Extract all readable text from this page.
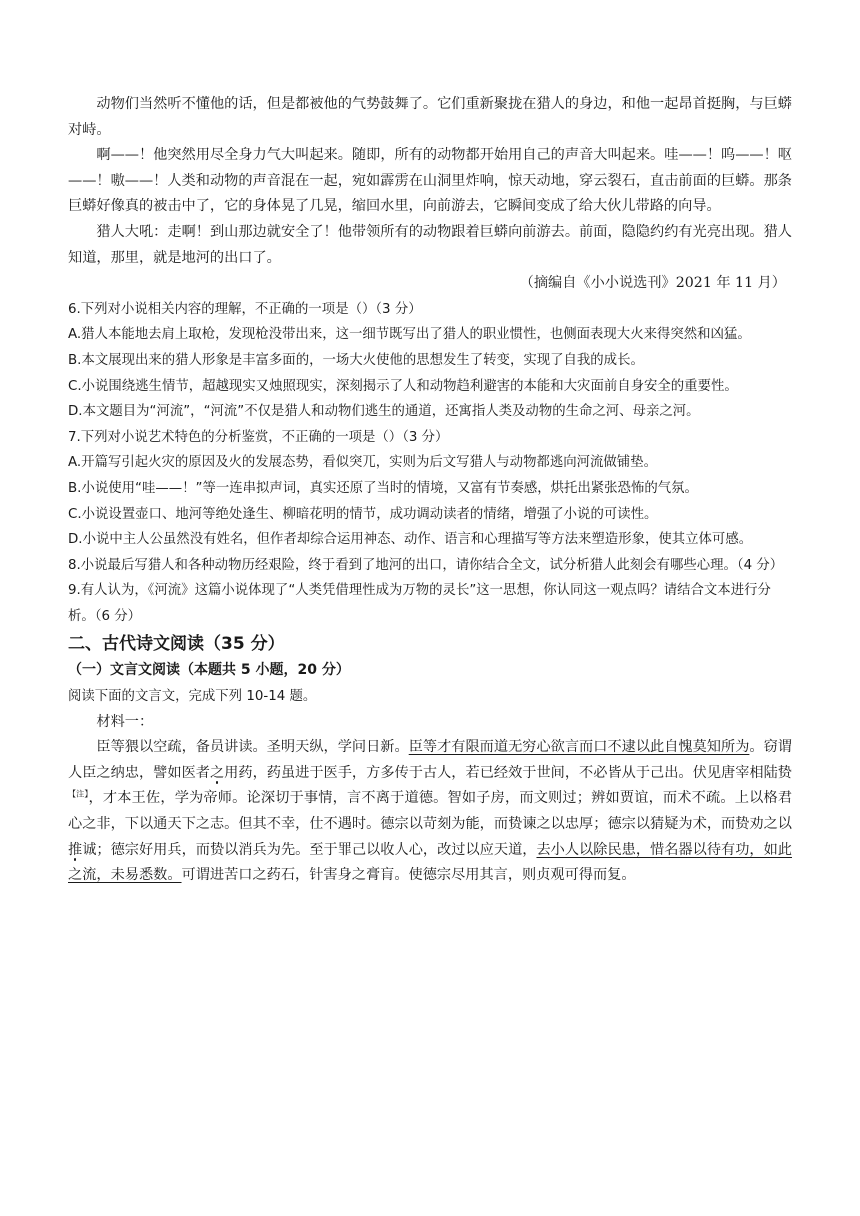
动物们当然听不懂他的话，但是都被他的气势鼓舞了。它们重新聚拢在猎人的身边，和他一起昂首挺胸，与巨蟒对峙。

啊——！他突然用尽全身力气大叫起来。随即，所有的动物都开始用自己的声音大叫起来。哇——！呜——！呕——！嗷——！人类和动物的声音混在一起，宛如霹雳在山洞里炸响，惊天动地，穿云裂石，直击前面的巨蟒。那条巨蟒好像真的被击中了，它的身体晃了几晃，缩回水里，向前游去，它瞬间变成了给大伙儿带路的向导。

猎人大吼：走啊！到山那边就安全了！他带领所有的动物跟着巨蟒向前游去。前面，隐隐约约有光亮出现。猎人知道，那里，就是地河的出口了。

（摘编自《小小说选刊》2021 年 11 月）

6.下列对小说相关内容的理解，不正确的一项是（）（3 分）

A.猎人本能地去肩上取枪，发现枪没带出来，这一细节既写出了猎人的职业惯性，也侧面表现大火来得突然和凶猛。

B.本文展现出来的猎人形象是丰富多面的，一场大火使他的思想发生了转变，实现了自我的成长。

C.小说围绕逃生情节，超越现实又烛照现实，深刻揭示了人和动物趋利避害的本能和大灾面前自身安全的重要性。

D.本文题目为“河流”，“河流”不仅是猎人和动物们逃生的通道，还寓指人类及动物的生命之河、母亲之河。

7.下列对小说艺术特色的分析鉴赏，不正确的一项是（）（3 分）

A.开篇写引起火灾的原因及火的发展态势，看似突兀，实则为后文写猎人与动物都逃向河流做铺垫。

B.小说使用“哇——！”等一连串拟声词，真实还原了当时的情境，又富有节奏感，烘托出紧张恐怖的气氛。

C.小说设置壶口、地河等绝处逢生、柳暗花明的情节，成功调动读者的情绪，增强了小说的可读性。

D.小说中主人公虽然没有姓名，但作者却综合运用神态、动作、语言和心理描写等方法来塑造形象，使其立体可感。

8.小说最后写猎人和各种动物历经艰险，终于看到了地河的出口，请你结合全文，试分析猎人此刻会有哪些心理。（4 分）

9.有人认为，《河流》这篇小说体现了“人类凭借理性成为万物的灵长”这一思想，你认同这一观点吗？请结合文本进行分析。（6 分）

二、古代诗文阅读（35 分）

（一）文言文阅读（本题共 5 小题，20 分）

阅读下面的文言文，完成下列 10-14 题。

材料一：

臣等猥以空疏，备员讲读。圣明天纵，学问日新。臣等才有限而道无穷心欲言而口不逮以此自愧莫知所为。窃谓人臣之纳忠，譬如医者之用药，药虽进于医手，方多传于古人，若已经效于世间，不必皆从于己出。伏见唐宰相陆贽$^{【注】}$，才本王佐，学为帝师。论深切于事情，言不离于道德。智如子房，而文则过；辨如贾谊，而术不疏。上以格君心之非，下以通天下之志。但其不幸，仕不遇时。德宗以苛刻为能，而贽谏之以忠厚；德宗以猜疑为术，而贽劝之以推诚；德宗好用兵，而贽以消兵为先。至于罪己以收人心，改过以应天道，去小人以除民患，惜名器以待有功，如此之流，未易悉数。可谓进苦口之药石，针害身之膏肓。使德宗尽用其言，则贞观可得而复。
